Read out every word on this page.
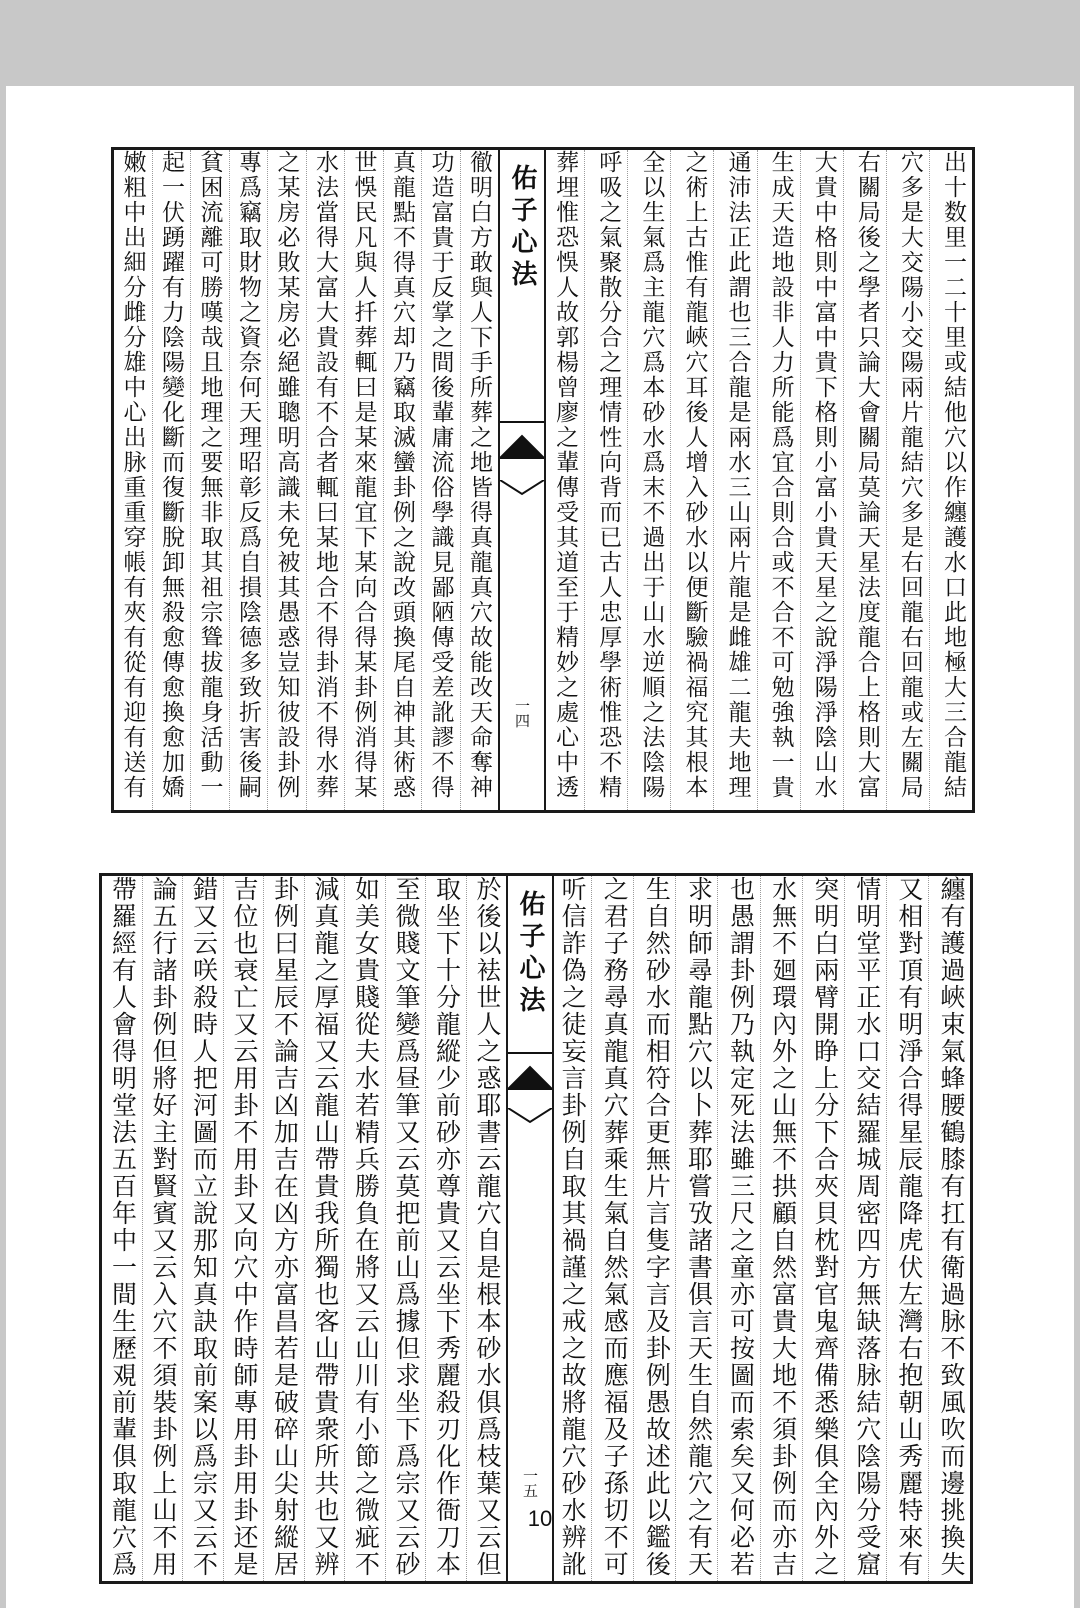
出十数里一二十里或結他穴以作纏護水口此地極大三合龍結
穴多是大交陽小交陽兩片龍結穴多是右回龍右回龍或左關局
右關局後之學者只論大會關局莫論天星法度龍合上格則大富
大貴中格則中富中貴下格則小富小貴天星之說淨陽淨陰山水
生成天造地設非人力所能爲宜合則合或不合不可勉強執一貴
通沛法正此謂也三合龍是兩水三山兩片龍是雌雄二龍夫地理
之術上古惟有龍峽穴耳後人增入砂水以便斷驗禍福究其根本
全以生氣爲主龍穴爲本砂水爲末不過出于山水逆順之法陰陽
呼吸之氣聚散分合之理情性向背而已古人忠厚學術惟恐不精
葬埋惟恐悞人故郭楊曾廖之輩傳受其道至于精妙之處心中透
佑子心法
一四
徹明白方敢與人下手所葬之地皆得真龍真穴故能改天命奪神
功造富貴于反掌之間後輩庸流俗學識見鄙陋傳受差訛謬不得
真龍點不得真穴却乃竊取滅蠻卦例之說改頭換尾自神其術惑
世悞民凡與人扦葬輒曰是某來龍宜下某向合得某卦例消得某
水法當得大富大貴設有不合者輒曰某地合不得卦消不得水葬
之某房必敗某房必絕雖聰明高識未免被其愚惑豈知彼設卦例
專爲竊取財物之資奈何天理昭彰反爲自損陰德多致折害後嗣
貧困流離可勝嘆哉且地理之要無非取其祖宗聳拔龍身活動一
起一伏踴躍有力陰陽變化斷而復斷脫卸無殺愈傳愈換愈加嬌
嫩粗中出細分雌分雄中心出脉重重穿帳有夾有從有迎有送有
纏有護過峽束氣蜂腰鶴膝有扛有衛過脉不致風吹而邊挑換失
又相對頂有明淨合得星辰龍降虎伏左灣右抱朝山秀麗特來有
情明堂平正水口交結羅城周密四方無缺落脉結穴陰陽分受窟
突明白兩臂開睁上分下合夾貝枕對官鬼齊備悉樂俱全內外之
水無不廻環內外之山無不拱顧自然富貴大地不須卦例而亦吉
也愚謂卦例乃執定死法雖三尺之童亦可按圖而索矣又何必若
求明師尋龍點穴以卜葬耶嘗攷諸書俱言天生自然龍穴之有天
生自然砂水而相符合更無片言隻字言及卦例愚故述此以鑑後
之君子務尋真龍真穴葬乘生氣自然氣感而應福及子孫切不可
听信詐偽之徒妄言卦例自取其禍謹之戒之故將龍穴砂水辨訛
佑子心法
一五
於後以袪世人之惑耶書云龍穴自是根本砂水俱爲枝葉又云但
取坐下十分龍縱少前砂亦尊貴又云坐下秀麗殺刃化作衙刀本
至微賤文筆變爲昼筆又云莫把前山爲據但求坐下爲宗又云砂
如美女貴賤從夫水若精兵勝負在將又云山川有小節之微疵不
減真龍之厚福又云龍山帶貴我所獨也客山帶貴衆所共也又辨
卦例曰星辰不論吉凶加吉在凶方亦富昌若是破碎山尖射縱居
吉位也衰亡又云用卦不用卦又向穴中作時師專用卦用卦还是
錯又云咲殺時人把河圖而立說那知真訣取前案以爲宗又云不
論五行諸卦例但將好主對賢賓又云入穴不須裝卦例上山不用
帶羅經有人會得明堂法五百年中一間生歷覌前輩俱取龍穴爲	10
